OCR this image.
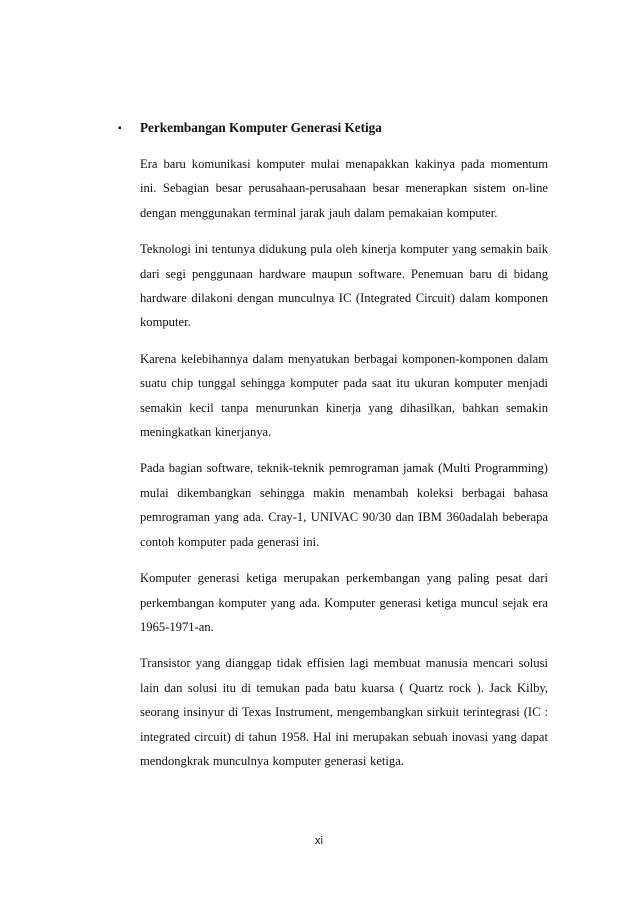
▪	Perkembangan Komputer Generasi Ketiga

Era baru komunikasi komputer mulai menapakkan kakinya pada momentum ini. Sebagian besar perusahaan-perusahaan besar menerapkan sistem on-line dengan menggunakan terminal jarak jauh dalam pemakaian komputer.

Teknologi ini tentunya didukung pula oleh kinerja komputer yang semakin baik dari segi penggunaan hardware maupun software. Penemuan baru di bidang hardware dilakoni dengan munculnya IC (Integrated Circuit) dalam komponen komputer.

Karena kelebihannya dalam menyatukan berbagai komponen-komponen dalam suatu chip tunggal sehingga komputer pada saat itu ukuran komputer menjadi semakin kecil tanpa menurunkan kinerja yang dihasilkan, bahkan semakin meningkatkan kinerjanya.

Pada bagian software, teknik-teknik pemrograman jamak (Multi Programming) mulai dikembangkan sehingga makin menambah koleksi berbagai bahasa pemrograman yang ada. Cray-1, UNIVAC 90/30 dan IBM 360adalah beberapa contoh komputer pada generasi ini.

Komputer generasi ketiga merupakan perkembangan yang paling pesat dari perkembangan komputer yang ada. Komputer generasi ketiga muncul sejak era 1965-1971-an.

Transistor yang dianggap tidak effisien lagi membuat manusia mencari solusi lain dan solusi itu di temukan pada batu kuarsa ( Quartz rock ). Jack Kilby, seorang insinyur di Texas Instrument, mengembangkan sirkuit terintegrasi (IC : integrated circuit) di tahun 1958. Hal ini merupakan sebuah inovasi yang dapat mendongkrak munculnya komputer generasi ketiga.

xi
